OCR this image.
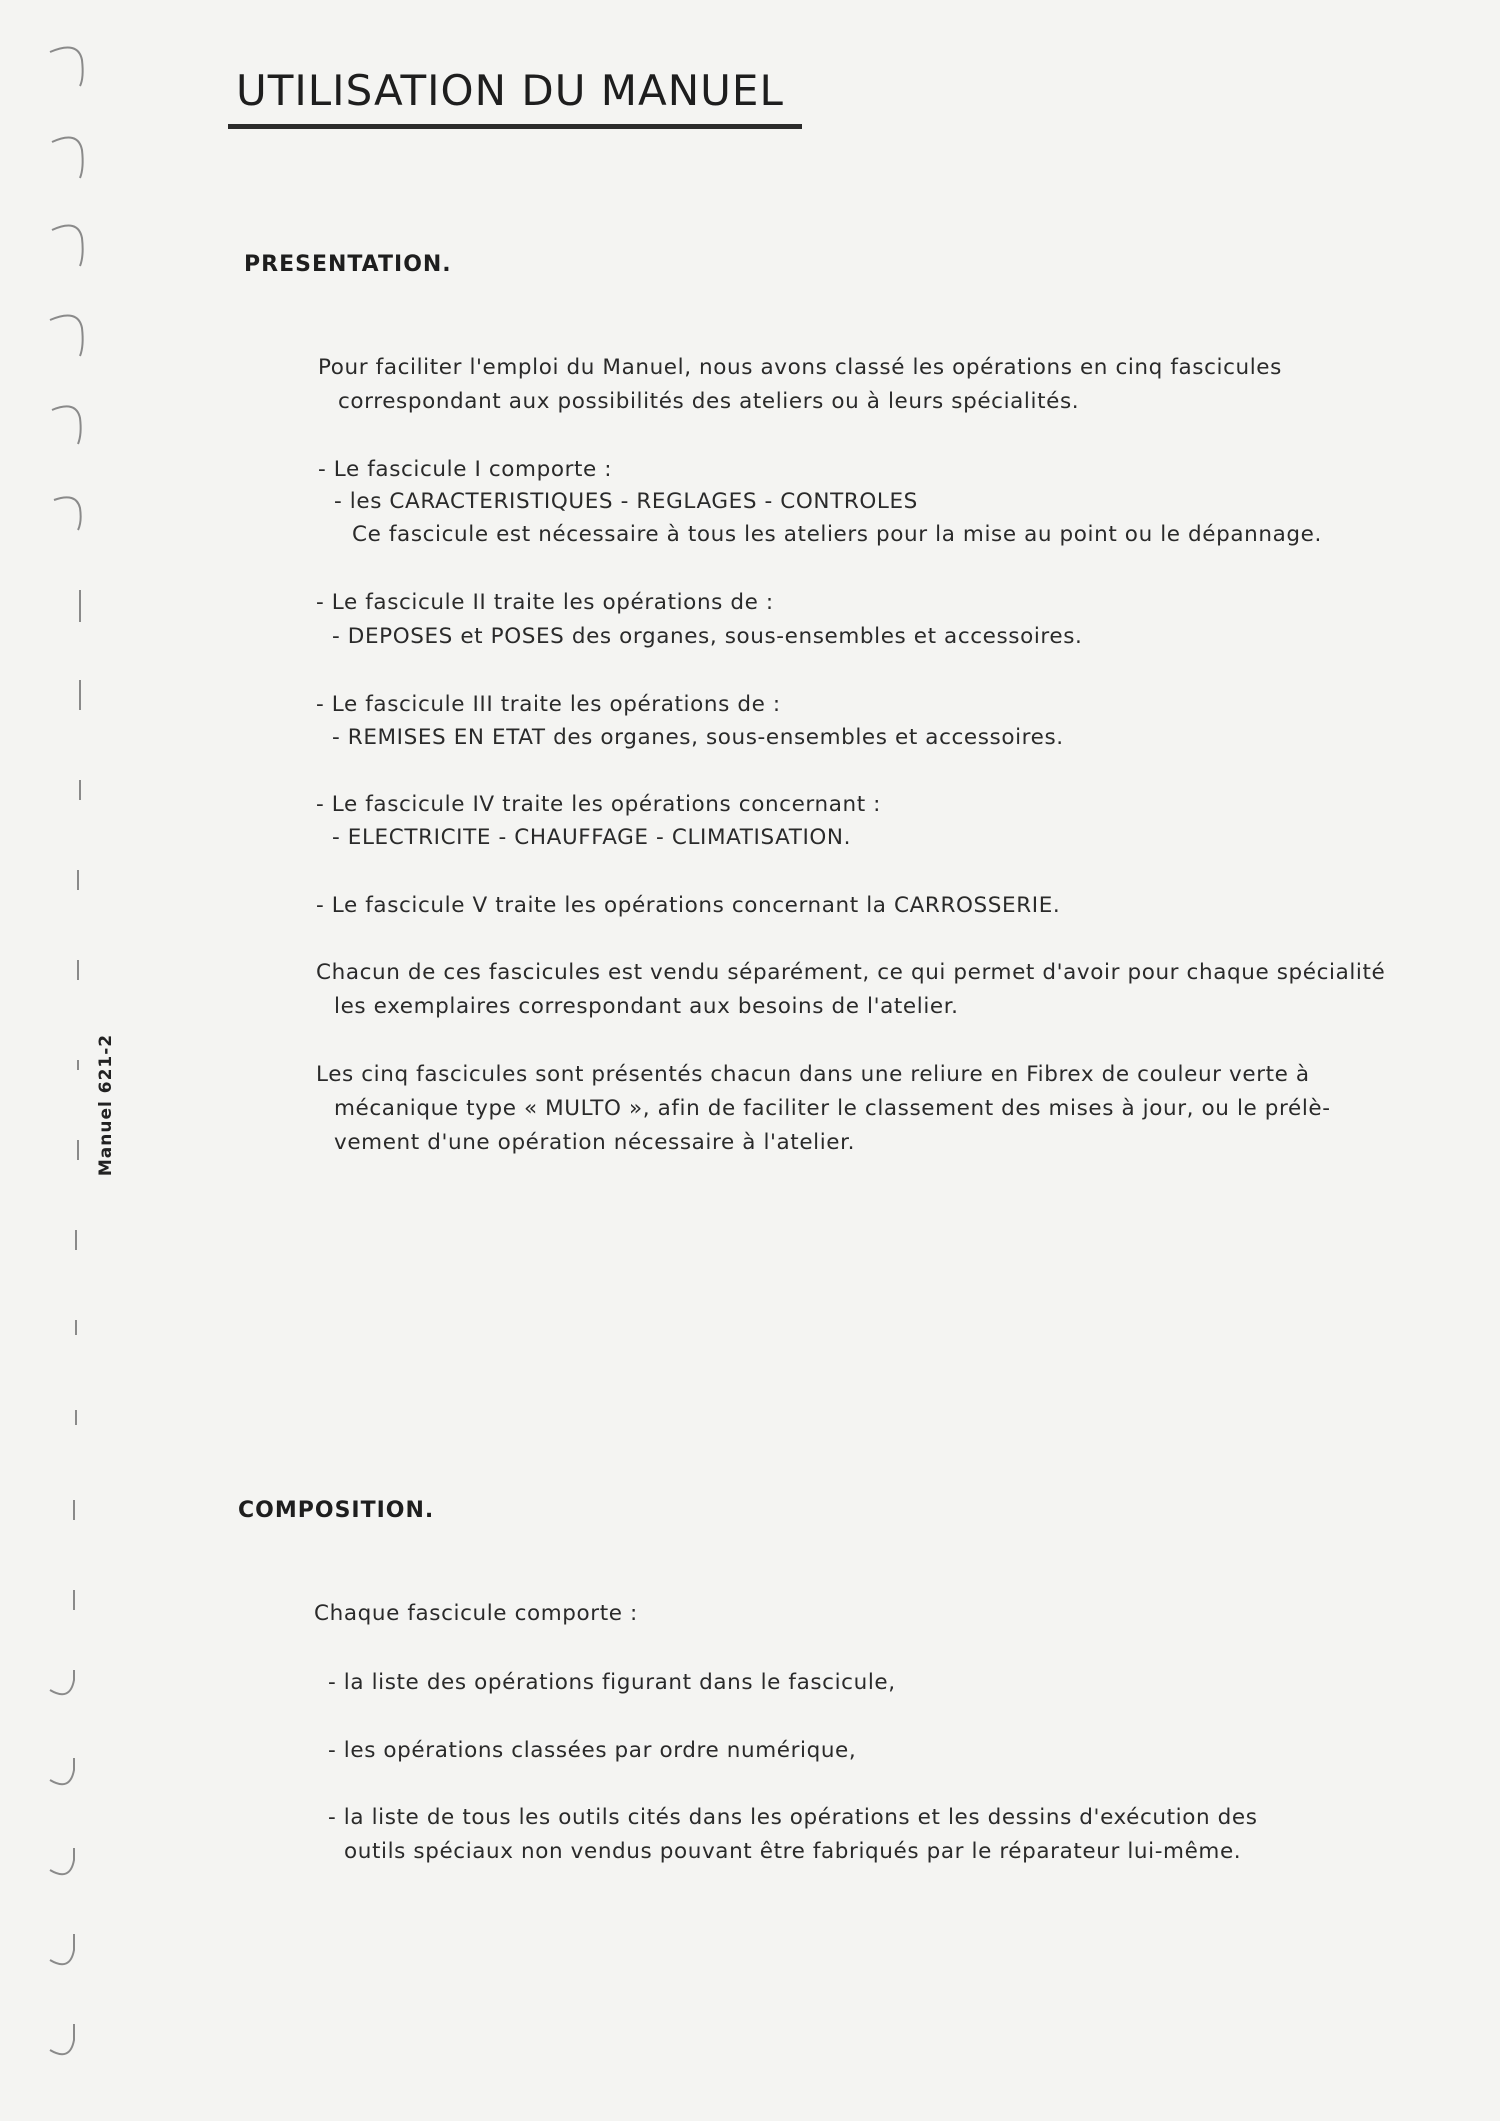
Manuel 621-2
UTILISATION DU MANUEL
PRESENTATION.
Pour faciliter l'emploi du Manuel, nous avons classé les opérations en cinq fascicules
correspondant aux possibilités des ateliers ou à leurs spécialités.
- Le fascicule I comporte :
- les CARACTERISTIQUES - REGLAGES - CONTROLES
Ce fascicule est nécessaire à tous les ateliers pour la mise au point ou le dépannage.
- Le fascicule II traite les opérations de :
- DEPOSES et POSES des organes, sous-ensembles et accessoires.
- Le fascicule III traite les opérations de :
- REMISES EN ETAT des organes, sous-ensembles et accessoires.
- Le fascicule IV traite les opérations concernant :
- ELECTRICITE - CHAUFFAGE - CLIMATISATION.
- Le fascicule V traite les opérations concernant la CARROSSERIE.
Chacun de ces fascicules est vendu séparément, ce qui permet d'avoir pour chaque spécialité
les exemplaires correspondant aux besoins de l'atelier.
Les cinq fascicules sont présentés chacun dans une reliure en Fibrex de couleur verte à
mécanique type « MULTO », afin de faciliter le classement des mises à jour, ou le prélè-
vement d'une opération nécessaire à l'atelier.
COMPOSITION.
Chaque fascicule comporte :
- la liste des opérations figurant dans le fascicule,
- les opérations classées par ordre numérique,
- la liste de tous les outils cités dans les opérations et les dessins d'exécution des
outils spéciaux non vendus pouvant être fabriqués par le réparateur lui-même.
